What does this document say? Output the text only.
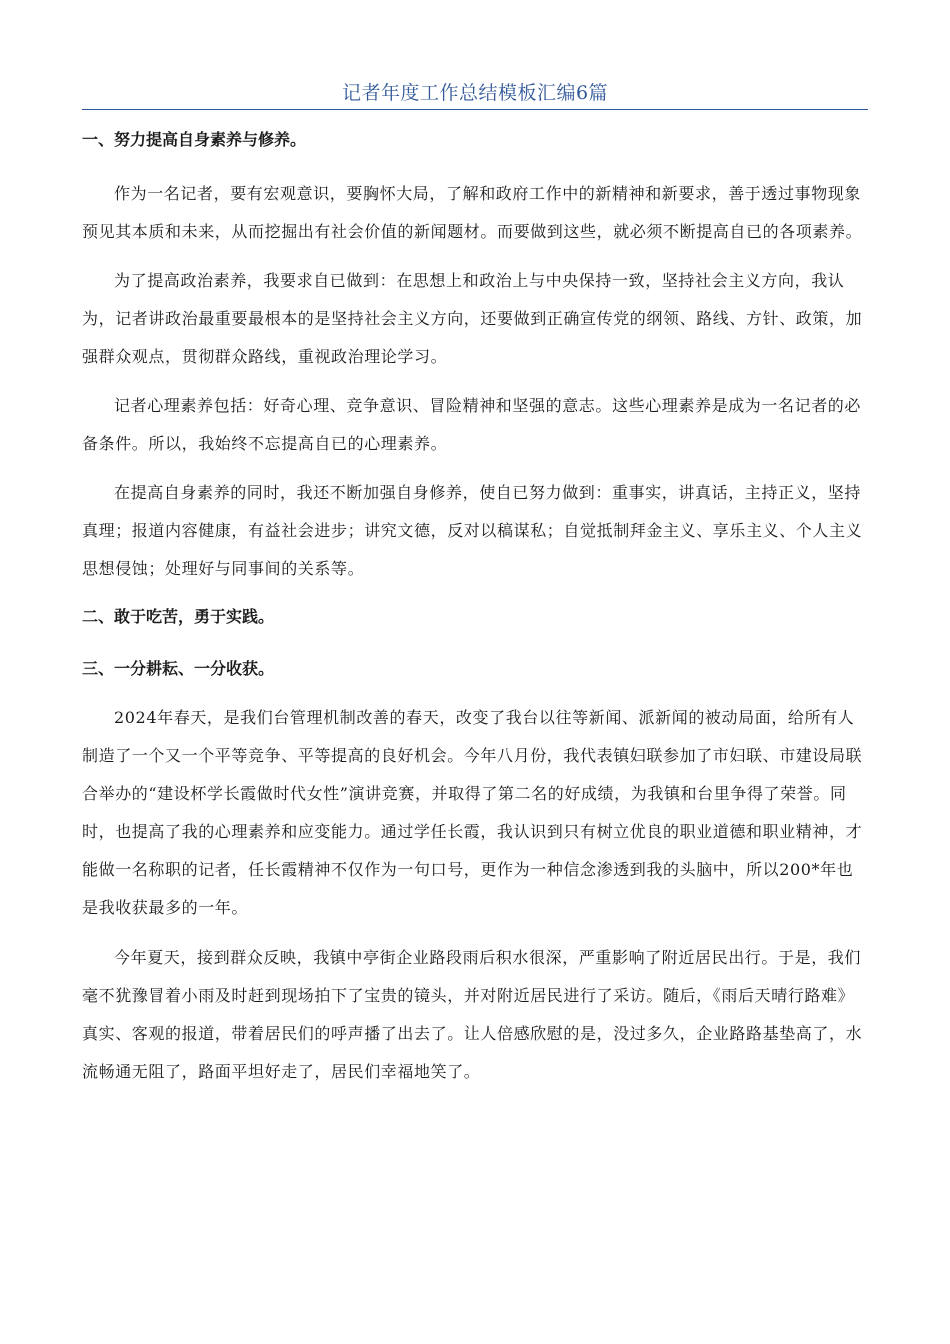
记者年度工作总结模板汇编6篇

一、努力提高自身素养与修养。

作为一名记者，要有宏观意识，要胸怀大局，了解和政府工作中的新精神和新要求，善于透过事物现象预见其本质和未来，从而挖掘出有社会价值的新闻题材。而要做到这些，就必须不断提高自已的各项素养。

为了提高政治素养，我要求自已做到：在思想上和政治上与中央保持一致，坚持社会主义方向，我认为，记者讲政治最重要最根本的是坚持社会主义方向，还要做到正确宣传党的纲领、路线、方针、政策，加强群众观点，贯彻群众路线，重视政治理论学习。

记者心理素养包括：好奇心理、竞争意识、冒险精神和坚强的意志。这些心理素养是成为一名记者的必备条件。所以，我始终不忘提高自已的心理素养。

在提高自身素养的同时，我还不断加强自身修养，使自已努力做到：重事实，讲真话，主持正义，坚持真理；报道内容健康，有益社会进步；讲究文德，反对以稿谋私；自觉抵制拜金主义、享乐主义、个人主义思想侵蚀；处理好与同事间的关系等。

二、敢于吃苦，勇于实践。

三、一分耕耘、一分收获。

2024年春天，是我们台管理机制改善的春天，改变了我台以往等新闻、派新闻的被动局面，给所有人制造了一个又一个平等竞争、平等提高的良好机会。今年八月份，我代表镇妇联参加了市妇联、市建设局联合举办的“建设杯学长霞做时代女性”演讲竞赛，并取得了第二名的好成绩，为我镇和台里争得了荣誉。同时，也提高了我的心理素养和应变能力。通过学任长霞，我认识到只有树立优良的职业道德和职业精神，才能做一名称职的记者，任长霞精神不仅作为一句口号，更作为一种信念渗透到我的头脑中，所以200*年也是我收获最多的一年。

今年夏天，接到群众反映，我镇中亭街企业路段雨后积水很深，严重影响了附近居民出行。于是，我们毫不犹豫冒着小雨及时赶到现场拍下了宝贵的镜头，并对附近居民进行了采访。随后，《雨后天晴行路难》真实、客观的报道，带着居民们的呼声播了出去了。让人倍感欣慰的是，没过多久，企业路路基垫高了，水流畅通无阻了，路面平坦好走了，居民们幸福地笑了。
